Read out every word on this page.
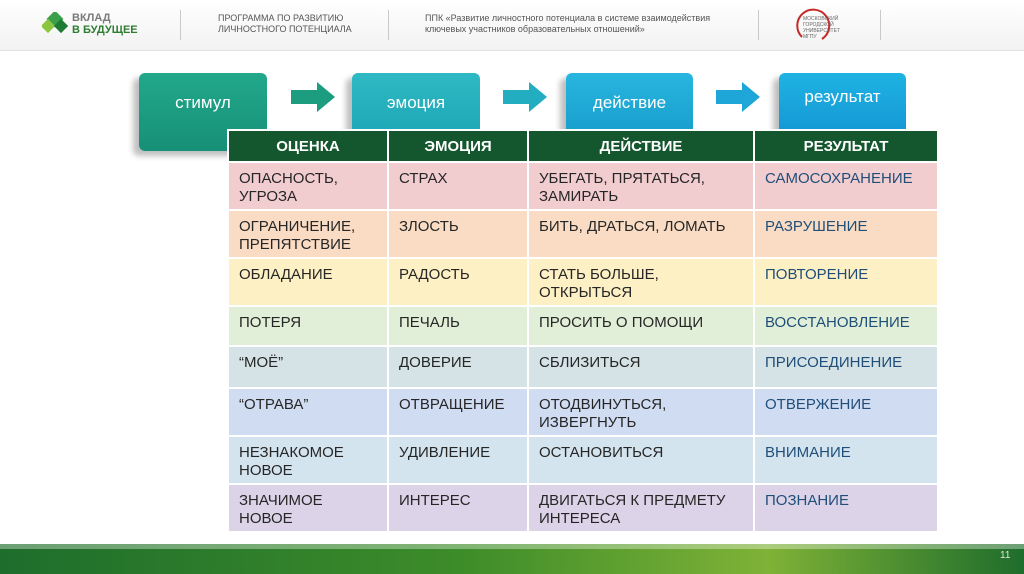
ВКЛАД
В БУДУЩЕЕ
ПРОГРАММА ПО РАЗВИТИЮ
ЛИЧНОСТНОГО ПОТЕНЦИАЛА
ППК «Развитие личностного потенциала в системе взаимодействия
ключевых участников образовательных отношений»
МОСКОВСКИЙ
ГОРОДСКОЙ
УНИВЕРСИТЕТ
МГПУ
стимул	эмоция	действие	результат
ОЦЕНКА	ЭМОЦИЯ	ДЕЙСТВИЕ	РЕЗУЛЬТАТ
ОПАСНОСТЬ, УГРОЗА	СТРАХ	УБЕГАТЬ, ПРЯТАТЬСЯ, ЗАМИРАТЬ	САМОСОХРАНЕНИЕ
ОГРАНИЧЕНИЕ, ПРЕПЯТСТВИЕ	ЗЛОСТЬ	БИТЬ, ДРАТЬСЯ, ЛОМАТЬ	РАЗРУШЕНИЕ
ОБЛАДАНИЕ	РАДОСТЬ	СТАТЬ БОЛЬШЕ, ОТКРЫТЬСЯ	ПОВТОРЕНИЕ
ПОТЕРЯ	ПЕЧАЛЬ	ПРОСИТЬ О ПОМОЩИ	ВОССТАНОВЛЕНИЕ
“МОЁ”	ДОВЕРИЕ	СБЛИЗИТЬСЯ	ПРИСОЕДИНЕНИЕ
“ОТРАВА”	ОТВРАЩЕНИЕ	ОТОДВИНУТЬСЯ, ИЗВЕРГНУТЬ	ОТВЕРЖЕНИЕ
НЕЗНАКОМОЕ НОВОЕ	УДИВЛЕНИЕ	ОСТАНОВИТЬСЯ	ВНИМАНИЕ
ЗНАЧИМОЕ НОВОЕ	ИНТЕРЕС	ДВИГАТЬСЯ К ПРЕДМЕТУ ИНТЕРЕСА	ПОЗНАНИЕ
11
